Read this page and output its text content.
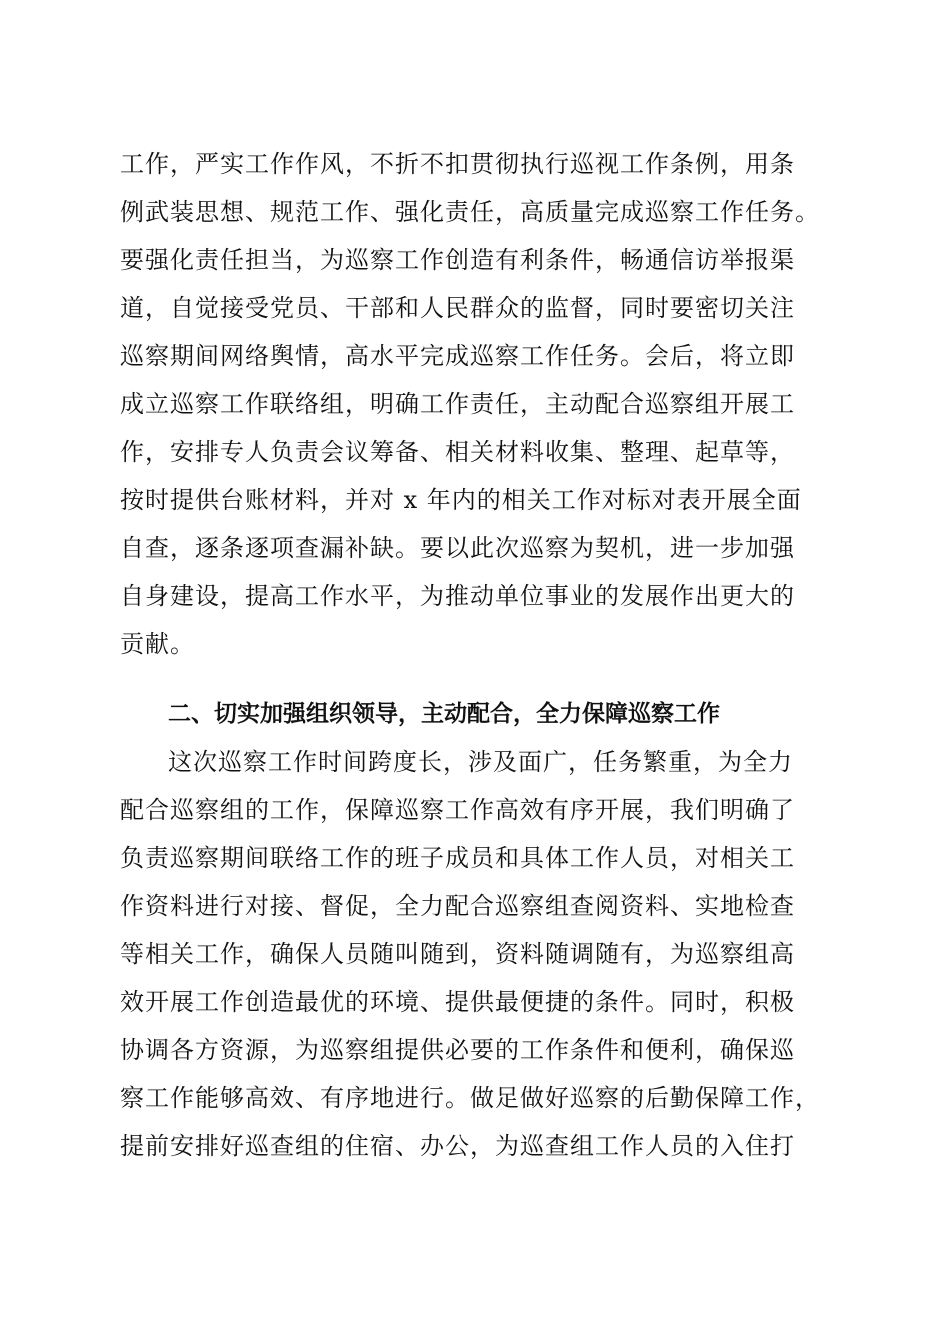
工作，严实工作作风，不折不扣贯彻执行巡视工作条例，用条
例武装思想、规范工作、强化责任，高质量完成巡察工作任务。
要强化责任担当，为巡察工作创造有利条件，畅通信访举报渠
道，自觉接受党员、干部和人民群众的监督，同时要密切关注
巡察期间网络舆情，高水平完成巡察工作任务。会后，将立即
成立巡察工作联络组，明确工作责任，主动配合巡察组开展工
作，安排专人负责会议筹备、相关材料收集、整理、起草等，
按时提供台账材料，并对 x 年内的相关工作对标对表开展全面
自查，逐条逐项查漏补缺。要以此次巡察为契机，进一步加强
自身建设，提高工作水平，为推动单位事业的发展作出更大的
贡献。
二、切实加强组织领导，主动配合，全力保障巡察工作
这次巡察工作时间跨度长，涉及面广，任务繁重，为全力
配合巡察组的工作，保障巡察工作高效有序开展，我们明确了
负责巡察期间联络工作的班子成员和具体工作人员，对相关工
作资料进行对接、督促，全力配合巡察组查阅资料、实地检查
等相关工作，确保人员随叫随到，资料随调随有，为巡察组高
效开展工作创造最优的环境、提供最便捷的条件。同时，积极
协调各方资源，为巡察组提供必要的工作条件和便利，确保巡
察工作能够高效、有序地进行。做足做好巡察的后勤保障工作，
提前安排好巡查组的住宿、办公，为巡查组工作人员的入住打
